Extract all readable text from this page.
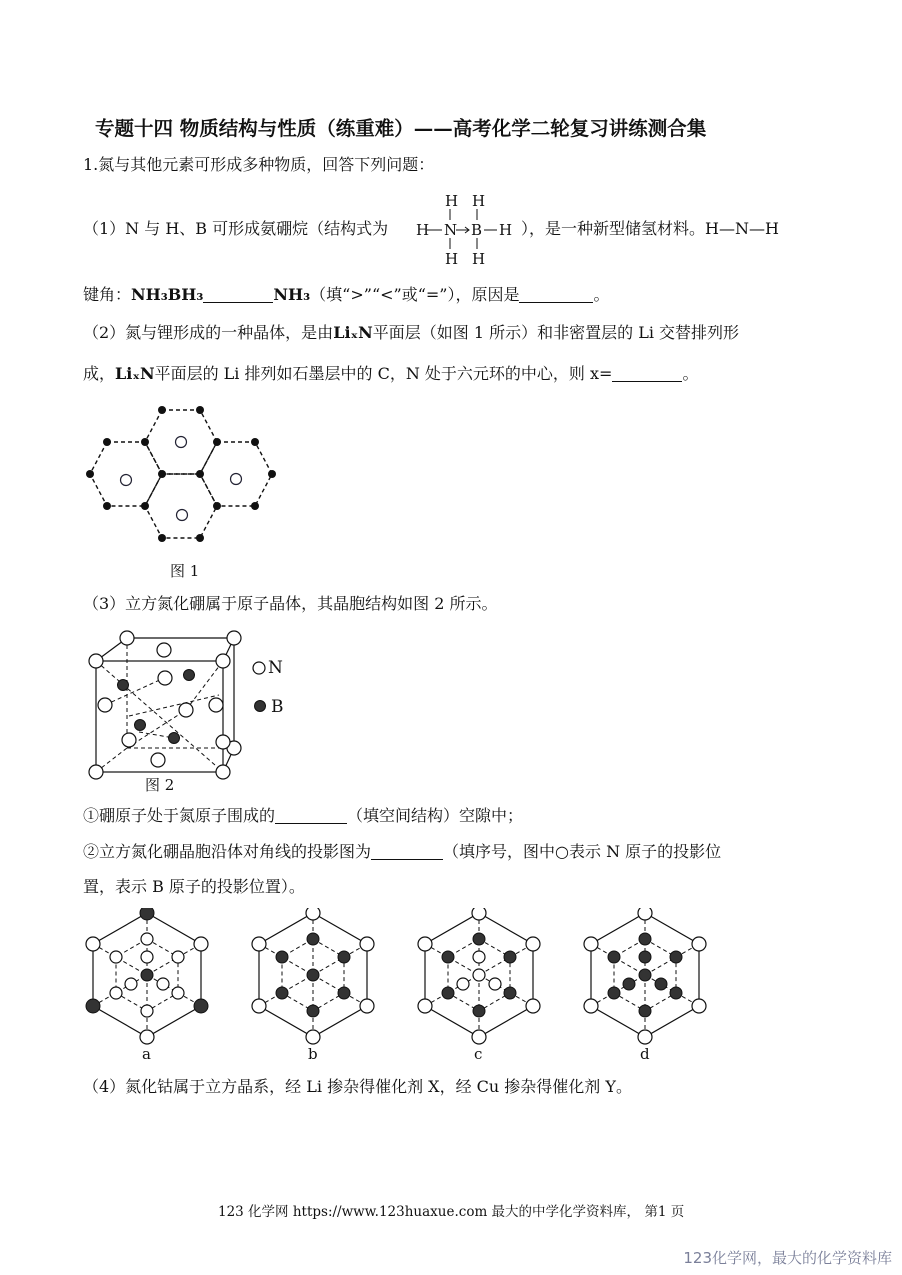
专题十四 物质结构与性质（练重难）——高考化学二轮复习讲练测合集
1.氮与其他元素可形成多种物质，回答下列问题：
（1）N 与 H、B 可形成氨硼烷（结构式为
H H
H N B H
H H
），是一种新型储氢材料。H—N—H
键角：NH₃BH₃	NH₃（填“>”“<”或“=”），原因是	。
（2）氮与锂形成的一种晶体，是由LiₓN平面层（如图 1 所示）和非密置层的 Li 交替排列形
成，LiₓN平面层的 Li 排列如石墨层中的 C，N 处于六元环的中心，则 x=	。
图 1
（3）立方氮化硼属于原子晶体，其晶胞结构如图 2 所示。
N
B
图 2
①硼原子处于氮原子围成的	（填空间结构）空隙中；
②立方氮化硼晶胞沿体对角线的投影图为	（填序号，图中○表示 N 原子的投影位
置，表示 B 原子的投影位置）。
a	b	c	d
（4）氮化钴属于立方晶系，经 Li 掺杂得催化剂 X，经 Cu 掺杂得催化剂 Y。
123 化学网 https://www.123huaxue.com 最大的中学化学资料库， 第1 页
123化学网，最大的化学资料库
